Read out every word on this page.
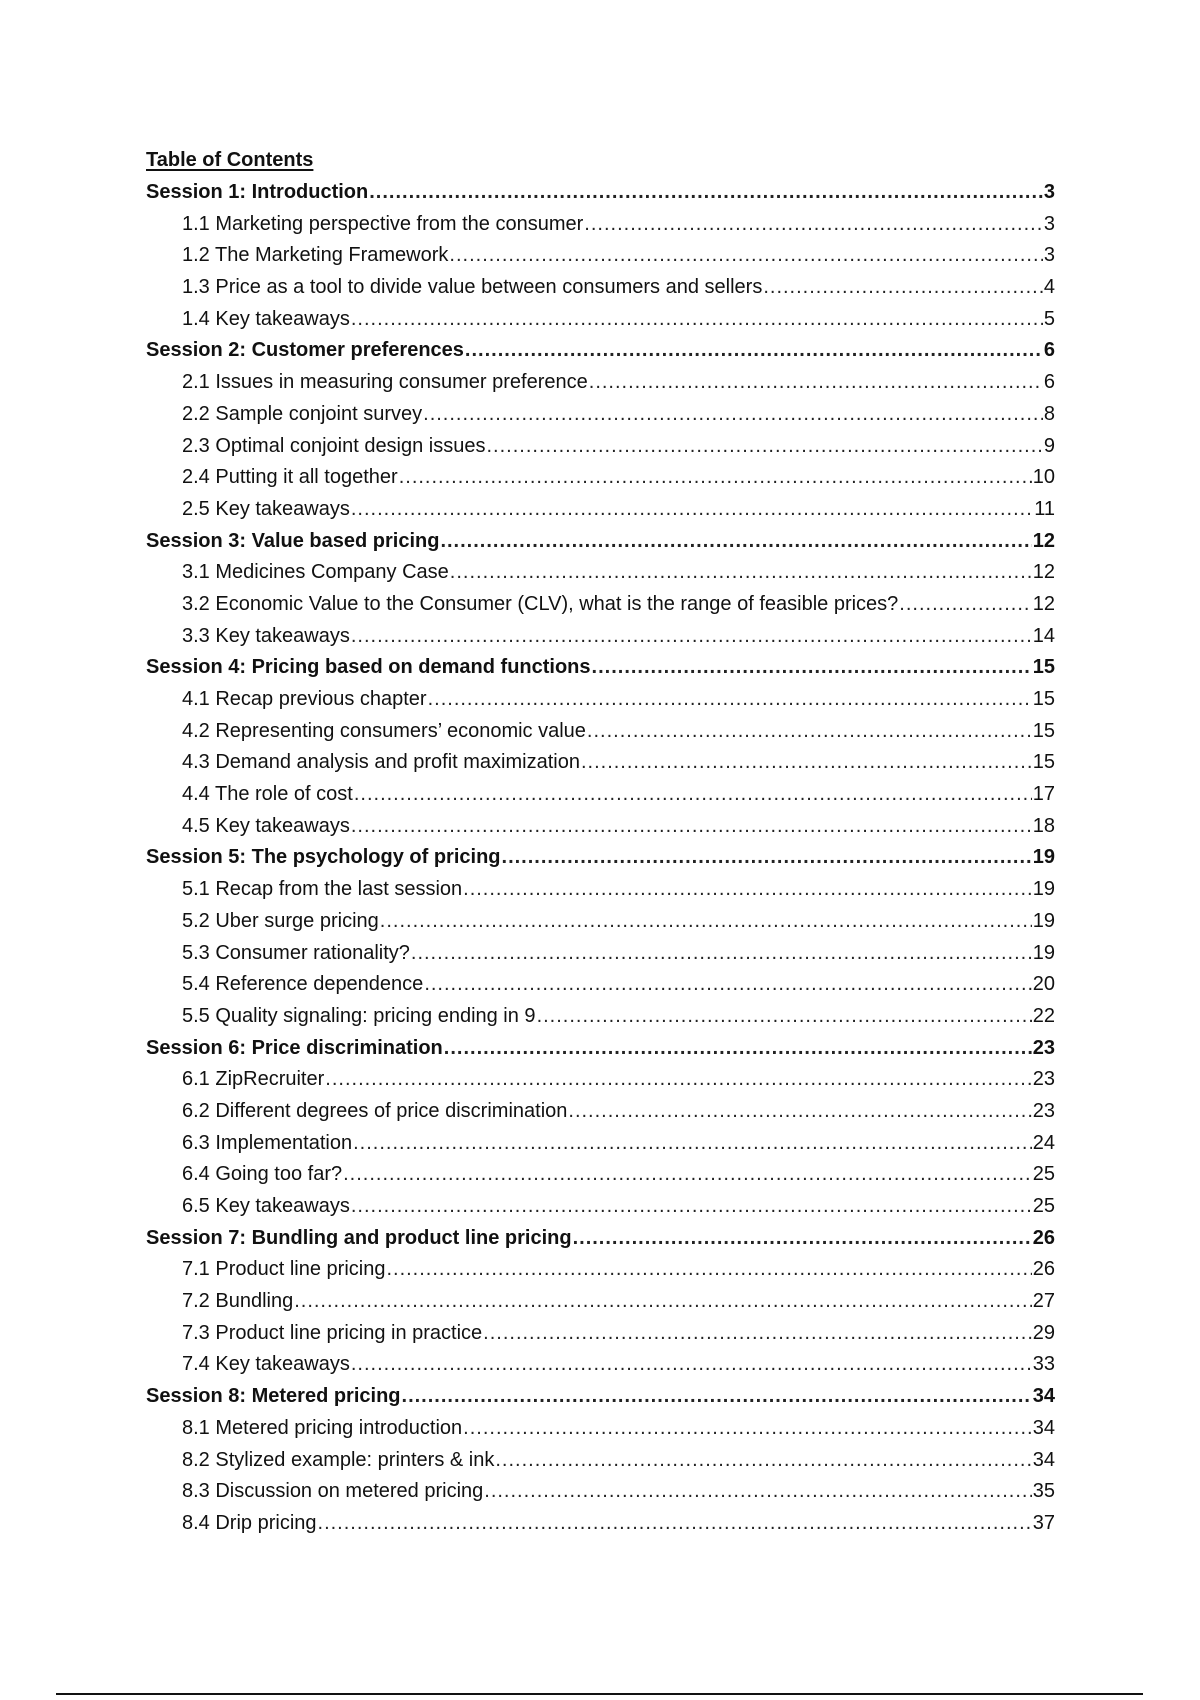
Table of Contents
Session 1: Introduction .....	3
1.1 Marketing perspective from the consumer .....	3
1.2 The Marketing Framework .....	3
1.3 Price as a tool to divide value between consumers and sellers .....	4
1.4 Key takeaways .....	5
Session 2: Customer preferences .....	6
2.1 Issues in measuring consumer preference .....	6
2.2 Sample conjoint survey .....	8
2.3 Optimal conjoint design issues .....	9
2.4 Putting it all together .....	10
2.5 Key takeaways .....	11
Session 3: Value based pricing .....	12
3.1 Medicines Company Case .....	12
3.2 Economic Value to the Consumer (CLV), what is the range of feasible prices? .....	12
3.3 Key takeaways .....	14
Session 4: Pricing based on demand functions .....	15
4.1 Recap previous chapter .....	15
4.2 Representing consumers’ economic value .....	15
4.3 Demand analysis and profit maximization .....	15
4.4 The role of cost .....	17
4.5 Key takeaways .....	18
Session 5: The psychology of pricing .....	19
5.1 Recap from the last session .....	19
5.2 Uber surge pricing .....	19
5.3 Consumer rationality? .....	19
5.4 Reference dependence .....	20
5.5 Quality signaling: pricing ending in 9 .....	22
Session 6: Price discrimination .....	23
6.1 ZipRecruiter .....	23
6.2 Different degrees of price discrimination .....	23
6.3 Implementation .....	24
6.4 Going too far? .....	25
6.5 Key takeaways .....	25
Session 7: Bundling and product line pricing .....	26
7.1 Product line pricing .....	26
7.2 Bundling .....	27
7.3 Product line pricing in practice .....	29
7.4 Key takeaways .....	33
Session 8: Metered pricing .....	34
8.1 Metered pricing introduction .....	34
8.2 Stylized example: printers & ink .....	34
8.3 Discussion on metered pricing .....	35
8.4 Drip pricing .....	37
